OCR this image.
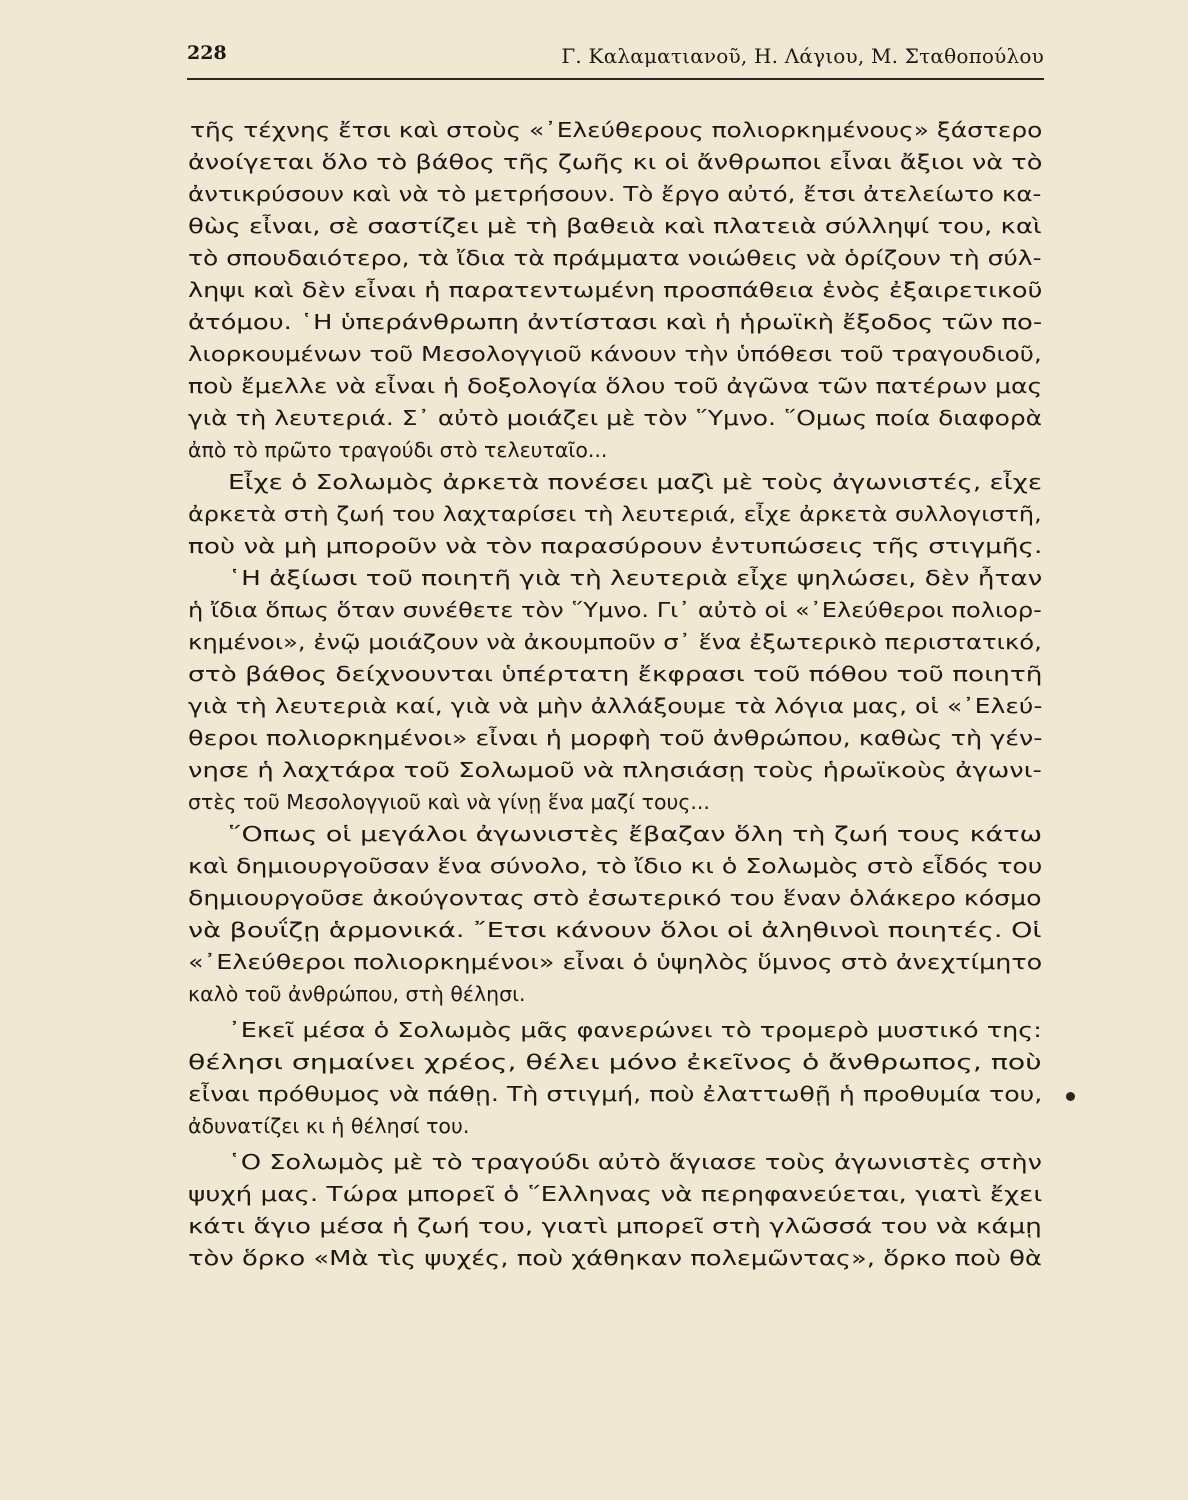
228	Γ. Καλαματιανοῦ, Η. Λάγιου, Μ. Σταθοπούλου
τῆς τέχνης ἔτσι καὶ στοὺς «᾿Ελεύθερους πολιορκημένους» ξάστερο
ἀνοίγεται ὅλο τὸ βάθος τῆς ζωῆς κι οἱ ἄνθρωποι εἶναι ἄξιοι νὰ τὸ
ἀντικρύσουν καὶ νὰ τὸ μετρήσουν. Τὸ ἔργο αὐτό, ἔτσι ἀτελείωτο κα-
θὼς εἶναι, σὲ σαστίζει μὲ τὴ βαθειὰ καὶ πλατειὰ σύλληψί του, καὶ
τὸ σπουδαιότερο, τὰ ἴδια τὰ πράμματα νοιώθεις νὰ ὁρίζουν τὴ σύλ-
ληψι καὶ δὲν εἶναι ἡ παρατεντωμένη προσπάθεια ἑνὸς ἐξαιρετικοῦ
ἀτόμου. ῾Η ὑπεράνθρωπη ἀντίστασι καὶ ἡ ἡρωϊκὴ ἔξοδος τῶν πο-
λιορκουμένων τοῦ Μεσολογγιοῦ κάνουν τὴν ὑπόθεσι τοῦ τραγουδιοῦ,
ποὺ ἔμελλε νὰ εἶναι ἡ δοξολογία ὅλου τοῦ ἀγῶνα τῶν πατέρων μας
γιὰ τὴ λευτεριά. Σ᾿ αὐτὸ μοιάζει μὲ τὸν ῞Υμνο. ῞Ομως ποία διαφορὰ
ἀπὸ τὸ πρῶτο τραγούδι στὸ τελευταῖο...
Εἶχε ὁ Σολωμὸς ἀρκετὰ πονέσει μαζὶ μὲ τοὺς ἀγωνιστές, εἶχε
ἀρκετὰ στὴ ζωή του λαχταρίσει τὴ λευτεριά, εἶχε ἀρκετὰ συλλογιστῆ,
ποὺ νὰ μὴ μποροῦν νὰ τὸν παρασύρουν ἐντυπώσεις τῆς στιγμῆς.
῾Η ἀξίωσι τοῦ ποιητῆ γιὰ τὴ λευτεριὰ εἶχε ψηλώσει, δὲν ἦταν
ἡ ἴδια ὅπως ὅταν συνέθετε τὸν ῞Υμνο. Γι᾿ αὐτὸ οἱ «᾿Ελεύθεροι πολιορ-
κημένοι», ἐνῷ μοιάζουν νὰ ἀκουμποῦν σ᾿ ἕνα ἐξωτερικὸ περιστατικό,
στὸ βάθος δείχνουνται ὑπέρτατη ἔκφρασι τοῦ πόθου τοῦ ποιητῆ
γιὰ τὴ λευτεριὰ καί, γιὰ νὰ μὴν ἀλλάξουμε τὰ λόγια μας, οἱ «᾿Ελεύ-
θεροι πολιορκημένοι» εἶναι ἡ μορφὴ τοῦ ἀνθρώπου, καθὼς τὴ γέν-
νησε ἡ λαχτάρα τοῦ Σολωμοῦ νὰ πλησιάσῃ τοὺς ἡρωϊκοὺς ἀγωνι-
στὲς τοῦ Μεσολογγιοῦ καὶ νὰ γίνῃ ἕνα μαζί τους...
῞Οπως οἱ μεγάλοι ἀγωνιστὲς ἔβαζαν ὅλη τὴ ζωή τους κάτω
καὶ δημιουργοῦσαν ἕνα σύνολο, τὸ ἴδιο κι ὁ Σολωμὸς στὸ εἶδός του
δημιουργοῦσε ἀκούγοντας στὸ ἐσωτερικό του ἕναν ὁλάκερο κόσμο
νὰ βουΐζῃ ἁρμονικά. ῎Ετσι κάνουν ὅλοι οἱ ἀληθινοὶ ποιητές. Οἱ
«᾿Ελεύθεροι πολιορκημένοι» εἶναι ὁ ὑψηλὸς ὕμνος στὸ ἀνεχτίμητο
καλὸ τοῦ ἀνθρώπου, στὴ θέλησι.
᾿Εκεῖ μέσα ὁ Σολωμὸς μᾶς φανερώνει τὸ τρομερὸ μυστικό της:
θέλησι σημαίνει χρέος, θέλει μόνο ἐκεῖνος ὁ ἄνθρωπος, ποὺ
εἶναι πρόθυμος νὰ πάθῃ. Τὴ στιγμή, ποὺ ἐλαττωθῇ ἡ προθυμία του,
ἀδυνατίζει κι ἡ θέλησί του.
῾Ο Σολωμὸς μὲ τὸ τραγούδι αὐτὸ ἅγιασε τοὺς ἀγωνιστὲς στὴν
ψυχή μας. Τώρα μπορεῖ ὁ ῞Ελληνας νὰ περηφανεύεται, γιατὶ ἔχει
κάτι ἅγιο μέσα ἡ ζωή του, γιατὶ μπορεῖ στὴ γλῶσσά του νὰ κάμῃ
τὸν ὅρκο «Μὰ τὶς ψυχές, ποὺ χάθηκαν πολεμῶντας», ὅρκο ποὺ θὰ
